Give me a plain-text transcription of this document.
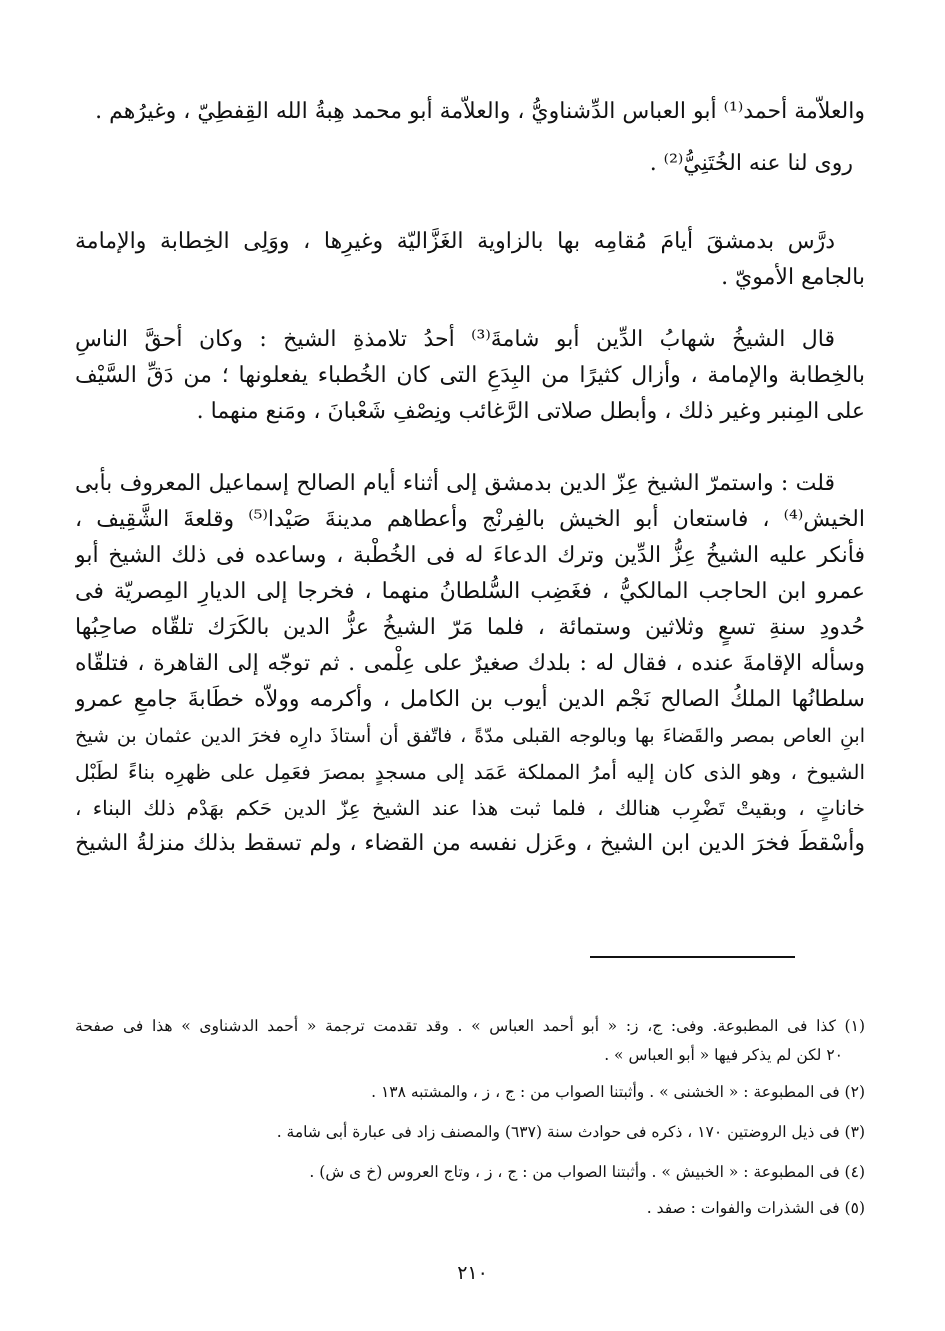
والعلاّمة أحمد⁽¹⁾ أبو العباس الدِّشناويُّ ، والعلاّمة أبو محمد هِبةُ الله القِفطِيّ ، وغيرُهم .
روى لنا عنه الخُتَنِيُّ⁽²⁾ .
درَّس بدمشقَ أيامَ مُقامِه بها بالزاوية الغَزَّاليّة وغيرِها ، ووَلِى الخِطابة والإمامة
بالجامع الأمويّ .
قال الشيخُ شهابُ الدِّين أبو شامةَ⁽³⁾ أحدُ تلامذةِ الشيخ : وكان أحقَّ الناسِ
بالخِطابة والإمامة ، وأزال كثيرًا من البِدَعِ التى كان الخُطباء يفعلونها ؛ من دَقِّ السَّيْف
على المِنبر وغير ذلك ، وأبطل صلاتى الرَّغائب ونِصْفِ شَعْبانَ ، ومَنع منهما .
قلت : واستمرّ الشيخ عِزّ الدين بدمشق إلى أثناء أيام الصالح إسماعيل المعروف بأبى
الخيش⁽⁴⁾ ، فاستعان أبو الخيش بالفِرنْج وأعطاهم مدينةَ صَيْدا⁽⁵⁾ وقلعةَ الشَّقِيف ،
فأنكر عليه الشيخُ عِزُّ الدِّين وترك الدعاءَ له فى الخُطْبة ، وساعده فى ذلك الشيخ أبو
عمرو ابن الحاجب المالكيُّ ، فغَضِب السُّلطانُ منهما ، فخرجا إلى الديارِ المِصريّة فى
حُدودِ سنةِ تسعٍ وثلاثين وستمائة ، فلما مَرّ الشيخُ عزُّ الدين بالكَرَك تلقّاه صاحِبُها
وسأله الإقامةَ عنده ، فقال له : بلدك صغيرٌ على عِلْمى . ثم توجّه إلى القاهرة ، فتلقّاه
سلطانُها الملكُ الصالح نَجْم الدين أيوب بن الكامل ، وأكرمه وولاّه خطَابةَ جامعِ عمرو
ابنِ العاص بمصر والقَضاءَ بها وبالوجه القبلى مدّةً ، فاتّفق أن أستاذَ دارِه فخرَ الدين عثمان بن شيخ
الشيوخ ، وهو الذى كان إليه أمرُ المملكة عَمَد إلى مسجدٍ بمصرَ فعَمِل على ظهرِه بناءً لطَبْل
خاناتٍ ، وبقيتْ تَضْرِب هنالك ، فلما ثبت هذا عند الشيخ عِزّ الدين حَكم بهَدْم ذلك البناء ،
وأسْقطَ فخرَ الدين ابن الشيخ ، وعَزل نفسه من القضاء ، ولم تسقط بذلك منزلةُ الشيخ
(١) كذا فى المطبوعة. وفى: ج، ز: « أبو أحمد العباس » . وقد تقدمت ترجمة « أحمد الدشناوى » هذا فى صفحة
٢٠ لكن لم يذكر فيها « أبو العباس » .
(٢) فى المطبوعة : « الخشنى » . وأثبتنا الصواب من : ج ، ز ، والمشتبه ١٣٨ .
(٣) فى ذيل الروضتين ١٧٠ ، ذكره فى حوادث سنة (٦٣٧) والمصنف زاد فى عبارة أبى شامة .
(٤) فى المطبوعة : « الخبيش » . وأثبتنا الصواب من : ج ، ز ، وتاج العروس (خ ى ش) .
(٥) فى الشذرات والفوات : صفد .
٢١٠
